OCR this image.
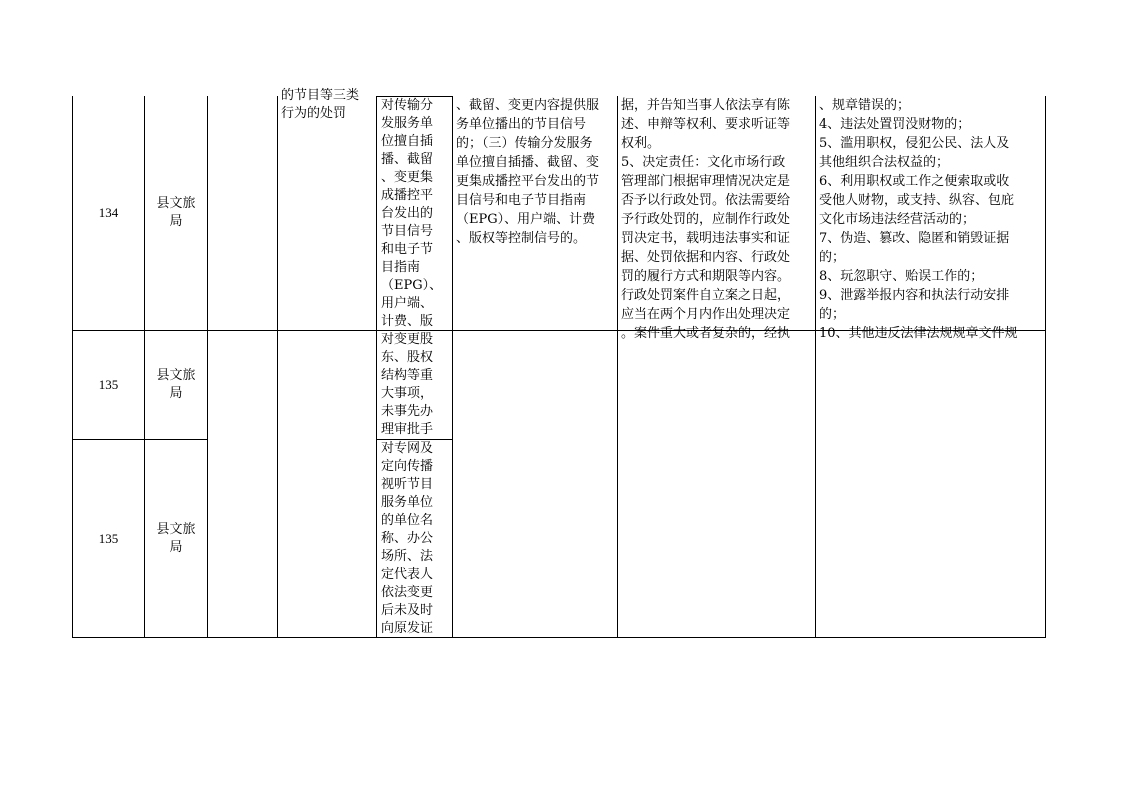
134
县文旅局
的节目等三类
行为的处罚
对传输分
发服务单
位擅自插
播、截留
、变更集
成播控平
台发出的
节目信号
和电子节
目指南
（EPG）、
用户端、
计费、版
、截留、变更内容提供服
务单位播出的节目信号
的；（三）传输分发服务
单位擅自插播、截留、变
更集成播控平台发出的节
目信号和电子节目指南
（EPG）、用户端、计费
、版权等控制信号的。
据，并告知当事人依法享有陈
述、申辩等权利、要求听证等
权利。
5、决定责任：文化市场行政
管理部门根据审理情况决定是
否予以行政处罚。依法需要给
予行政处罚的，应制作行政处
罚决定书，载明违法事实和证
据、处罚依据和内容、行政处
罚的履行方式和期限等内容。
行政处罚案件自立案之日起，
应当在两个月内作出处理决定
。案件重大或者复杂的，经执
、规章错误的；
4、违法处置罚没财物的；
5、滥用职权，侵犯公民、法人及
其他组织合法权益的；
6、利用职权或工作之便索取或收
受他人财物，或支持、纵容、包庇
文化市场违法经营活动的；
7、伪造、篡改、隐匿和销毁证据
的；
8、玩忽职守、贻误工作的；
9、泄露举报内容和执法行动安排
的；
10、其他违反法律法规规章文件规
135
县文旅局
对变更股
东、股权
结构等重
大事项，
未事先办
理审批手
135
县文旅局
对专网及
定向传播
视听节目
服务单位
的单位名
称、办公
场所、法
定代表人
依法变更
后未及时
向原发证
